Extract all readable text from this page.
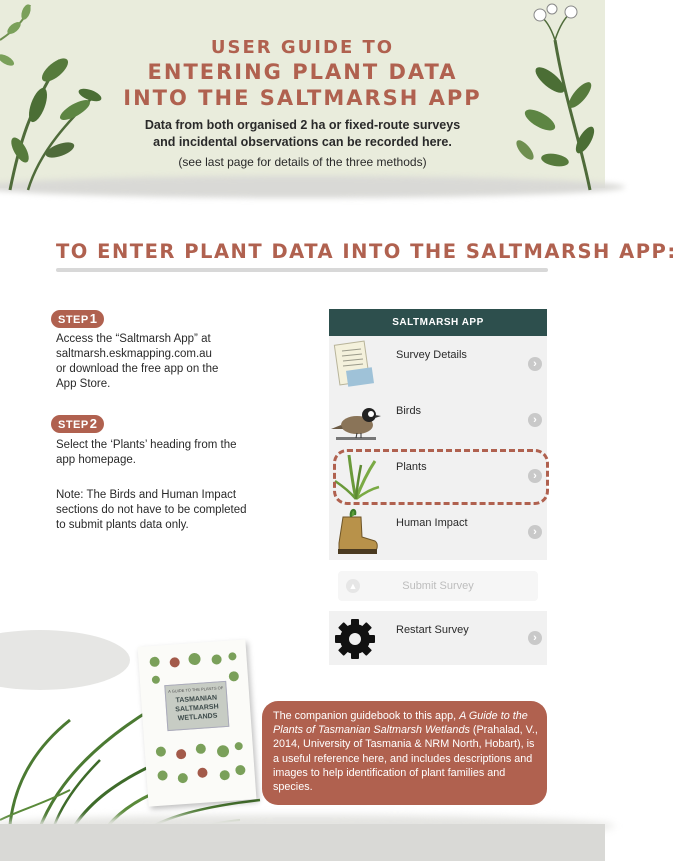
USER GUIDE TO
ENTERING PLANT DATA
INTO THE SALTMARSH APP
Data from both organised 2 ha or fixed-route surveys
and incidental observations can be recorded here.
(see last page for details of the three methods)
TO ENTER PLANT DATA INTO THE SALTMARSH APP:
STEP1
Access the “Saltmarsh App” at
saltmarsh.eskmapping.com.au
or download the free app on the
App Store.
STEP2
Select the ‘Plants’ heading from the
app homepage.
Note: The Birds and Human Impact
sections do not have to be completed
to submit plants data only.
SALTMARSH APP
Survey Details
›
Birds
›
Plants
›
Human Impact
›
▲	Submit Survey
Restart Survey
›
A GUIDE TO THE PLANTS OF
TASMANIAN
SALTMARSH
WETLANDS	The companion guidebook to this app, A Guide to the Plants of Tasmanian Saltmarsh Wetlands (Prahalad, V., 2014, University of Tasmania & NRM North, Hobart), is a useful reference here, and includes descriptions and images to help identification of plant families and species.
